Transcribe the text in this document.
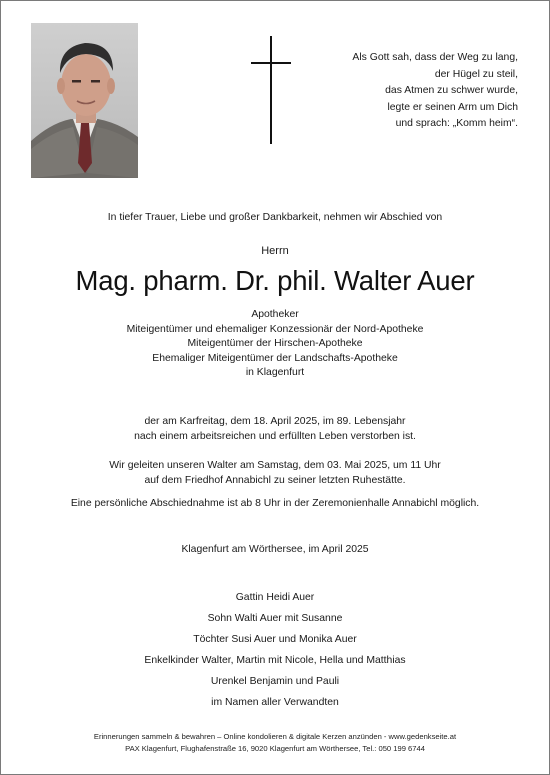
Als Gott sah, dass der Weg zu lang,
der Hügel zu steil,
das Atmen zu schwer wurde,
legte er seinen Arm um Dich
und sprach: „Komm heim“.
In tiefer Trauer, Liebe und großer Dankbarkeit, nehmen wir Abschied von
Herrn
Mag. pharm. Dr. phil. Walter Auer
Apotheker
Miteigentümer und ehemaliger Konzessionär der Nord-Apotheke
Miteigentümer der Hirschen-Apotheke
Ehemaliger Miteigentümer der Landschafts-Apotheke
in Klagenfurt
der am Karfreitag, dem 18. April 2025, im 89. Lebensjahr
nach einem arbeitsreichen und erfüllten Leben verstorben ist.
Wir geleiten unseren Walter am Samstag, dem 03. Mai 2025, um 11 Uhr
auf dem Friedhof Annabichl zu seiner letzten Ruhestätte.
Eine persönliche Abschiednahme ist ab 8 Uhr in der Zeremonienhalle Annabichl möglich.
Klagenfurt am Wörthersee, im April 2025
Gattin Heidi Auer
Sohn Walti Auer mit Susanne
Töchter Susi Auer und Monika Auer
Enkelkinder Walter, Martin mit Nicole, Hella und Matthias
Urenkel Benjamin und Pauli
im Namen aller Verwandten
Erinnerungen sammeln & bewahren – Online kondolieren & digitale Kerzen anzünden - www.gedenkseite.at
PAX Klagenfurt, Flughafenstraße 16, 9020 Klagenfurt am Wörthersee, Tel.: 050 199 6744
